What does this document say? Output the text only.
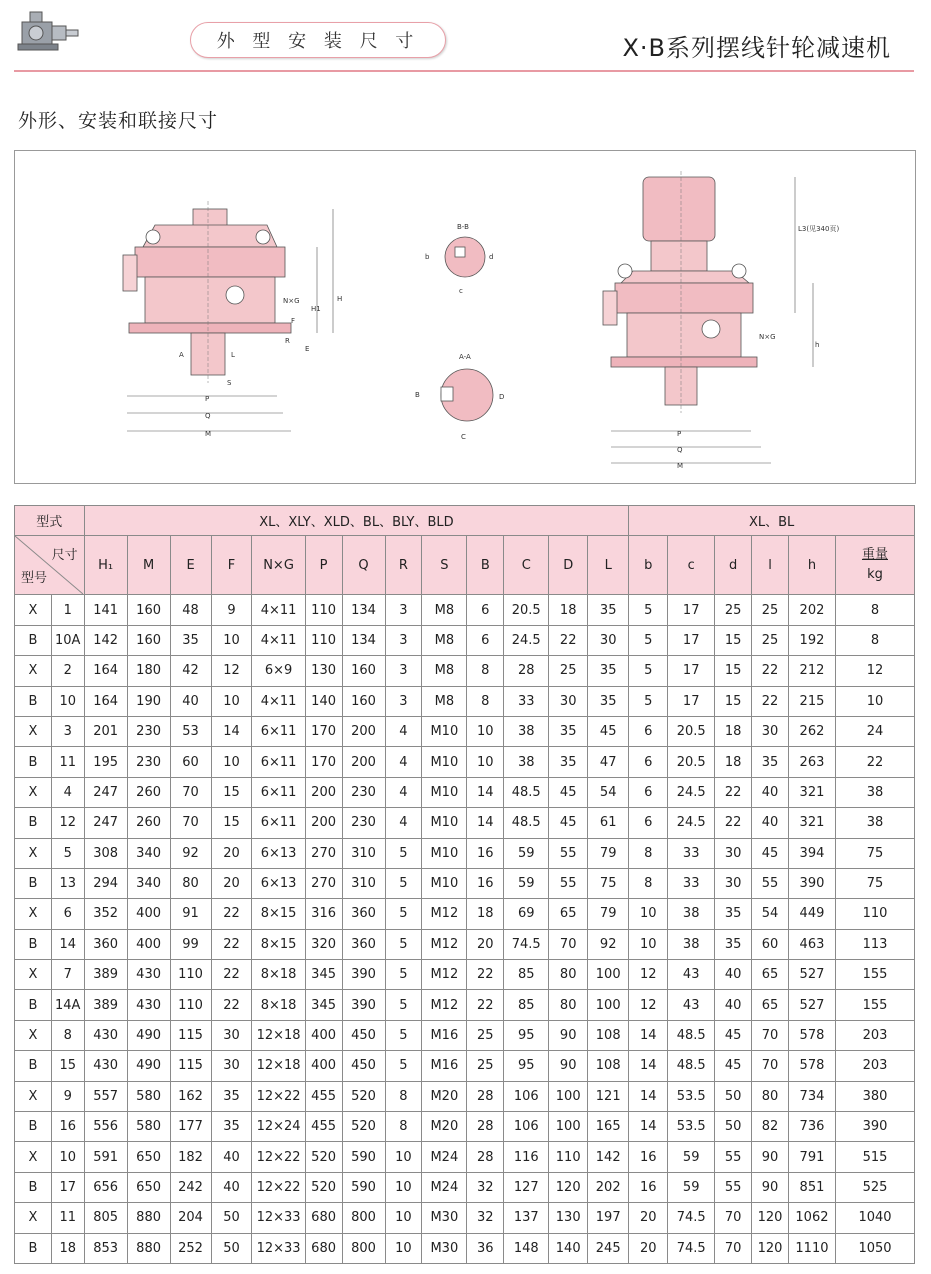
外 型 安 装 尺 寸	X·B系列摆线针轮减速机
外形、安装和联接尺寸
P
Q
M
H
H1
N×G
F
R
E
A	L
S
B-B
b	d
c
A-A
B	D
C
L3(见340页)
h
N×G
P
Q
M
型式		XL、XLY、XLD、BL、BLY、BLD													XL、BL					

尺寸
型号		H₁	M	E	F	N×G	P	Q	R	S	B	C	D	L	b	c	d	l	h	重量
kg
X	1	141	160	48	9	4×11	110	134	3	M8	6	20.5	18	35	5	17	25	25	202	8
B	10A	142	160	35	10	4×11	110	134	3	M8	6	24.5	22	30	5	17	15	25	192	8
X	2	164	180	42	12	6×9	130	160	3	M8	8	28	25	35	5	17	15	22	212	12
B	10	164	190	40	10	4×11	140	160	3	M8	8	33	30	35	5	17	15	22	215	10
X	3	201	230	53	14	6×11	170	200	4	M10	10	38	35	45	6	20.5	18	30	262	24
B	11	195	230	60	10	6×11	170	200	4	M10	10	38	35	47	6	20.5	18	35	263	22
X	4	247	260	70	15	6×11	200	230	4	M10	14	48.5	45	54	6	24.5	22	40	321	38
B	12	247	260	70	15	6×11	200	230	4	M10	14	48.5	45	61	6	24.5	22	40	321	38
X	5	308	340	92	20	6×13	270	310	5	M10	16	59	55	79	8	33	30	45	394	75
B	13	294	340	80	20	6×13	270	310	5	M10	16	59	55	75	8	33	30	55	390	75
X	6	352	400	91	22	8×15	316	360	5	M12	18	69	65	79	10	38	35	54	449	110
B	14	360	400	99	22	8×15	320	360	5	M12	20	74.5	70	92	10	38	35	60	463	113
X	7	389	430	110	22	8×18	345	390	5	M12	22	85	80	100	12	43	40	65	527	155
B	14A	389	430	110	22	8×18	345	390	5	M12	22	85	80	100	12	43	40	65	527	155
X	8	430	490	115	30	12×18	400	450	5	M16	25	95	90	108	14	48.5	45	70	578	203
B	15	430	490	115	30	12×18	400	450	5	M16	25	95	90	108	14	48.5	45	70	578	203
X	9	557	580	162	35	12×22	455	520	8	M20	28	106	100	121	14	53.5	50	80	734	380
B	16	556	580	177	35	12×24	455	520	8	M20	28	106	100	165	14	53.5	50	82	736	390
X	10	591	650	182	40	12×22	520	590	10	M24	28	116	110	142	16	59	55	90	791	515
B	17	656	650	242	40	12×22	520	590	10	M24	32	127	120	202	16	59	55	90	851	525
X	11	805	880	204	50	12×33	680	800	10	M30	32	137	130	197	20	74.5	70	120	1062	1040
B	18	853	880	252	50	12×33	680	800	10	M30	36	148	140	245	20	74.5	70	120	1110	1050
